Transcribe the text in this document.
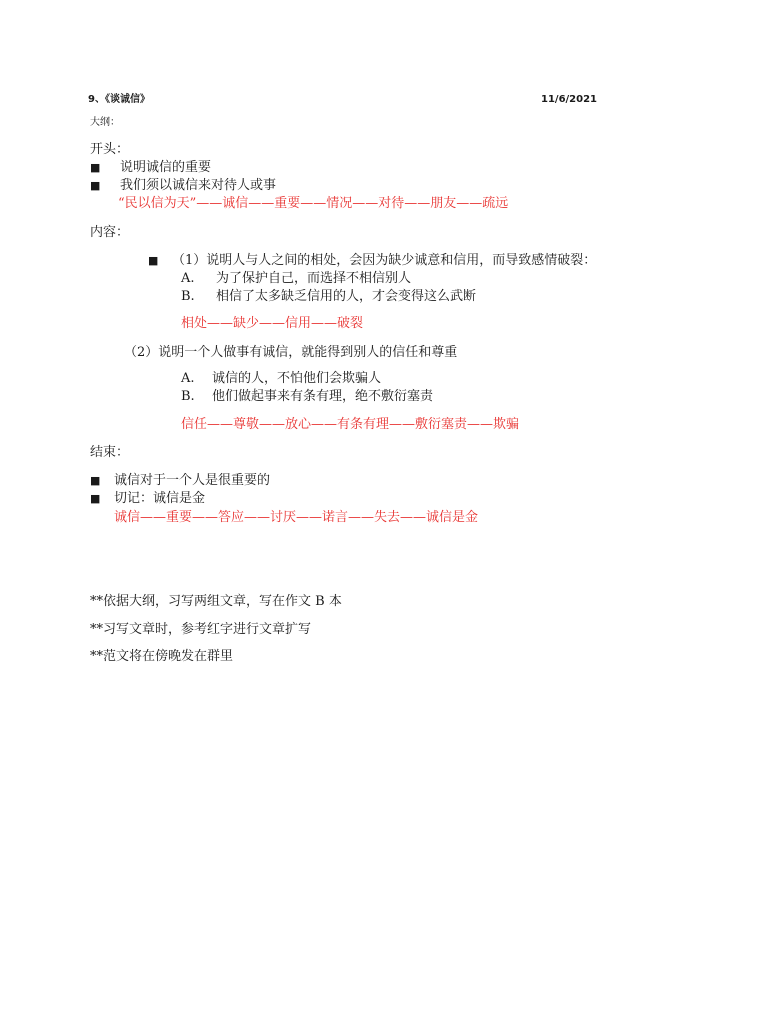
9、《谈诚信》	11/6/2021
大纲：
开头：
■ 说明诚信的重要
■ 我们须以诚信来对待人或事
“民以信为天”——诚信——重要——情况——对待——朋友——疏远
内容：
■ （1）说明人与人之间的相处，会因为缺少诚意和信用，而导致感情破裂：
A. 为了保护自己，而选择不相信别人
B. 相信了太多缺乏信用的人，才会变得这么武断
相处——缺少——信用——破裂
（2）说明一个人做事有诚信，就能得到别人的信任和尊重
A. 诚信的人，不怕他们会欺骗人
B. 他们做起事来有条有理，绝不敷衍塞责
信任——尊敬——放心——有条有理——敷衍塞责——欺骗
结束：
■ 诚信对于一个人是很重要的
■ 切记：诚信是金
诚信——重要——答应——讨厌——诺言——失去——诚信是金
**依据大纲，习写两组文章，写在作文 B 本
**习写文章时，参考红字进行文章扩写
**范文将在傍晚发在群里
